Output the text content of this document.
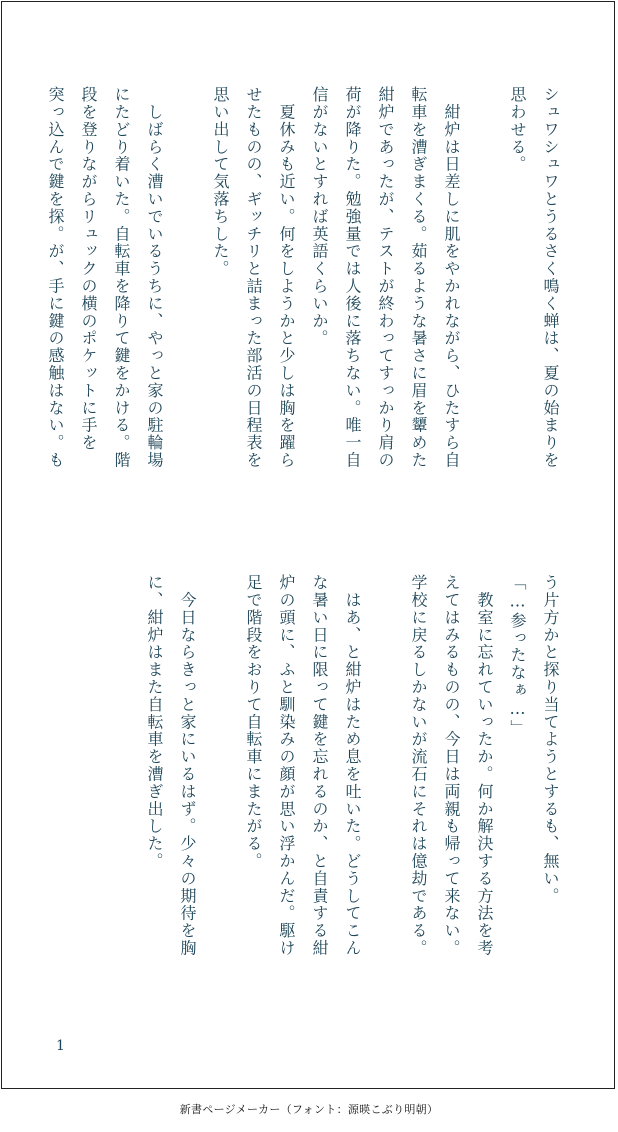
シュワシュワとうるさく鳴く蝉は、夏の始まりを
思わせる。
　紺炉は日差しに肌をやかれながら、ひたすら自
転車を漕ぎまくる。茹るような暑さに眉を顰めた
紺炉であったが、テストが終わってすっかり肩の
荷が降りた。勉強量では人後に落ちない。唯一自
信がないとすれば英語くらいか。
　夏休みも近い。何をしようかと少しは胸を躍ら
せたものの、ギッチリと詰まった部活の日程表を
思い出して気落ちした。
　しばらく漕いでいるうちに、やっと家の駐輪場
にたどり着いた。自転車を降りて鍵をかける。階
段を登りながらリュックの横のポケットに手を
突っ込んで鍵を探。が、手に鍵の感触はない。も
う片方かと探り当てようとするも、無い。
「…参ったなぁ…」
　教室に忘れていったか。何か解決する方法を考
えてはみるものの、今日は両親も帰って来ない。
学校に戻るしかないが流石にそれは億劫である。
　はあ、と紺炉はため息を吐いた。どうしてこん
な暑い日に限って鍵を忘れるのか、と自責する紺
炉の頭に、ふと馴染みの顔が思い浮かんだ。駆け
足で階段をおりて自転車にまたがる。
　今日ならきっと家にいるはず。少々の期待を胸
に、紺炉はまた自転車を漕ぎ出した。
1
新書ページメーカー（フォント：源暎こぶり明朝）
